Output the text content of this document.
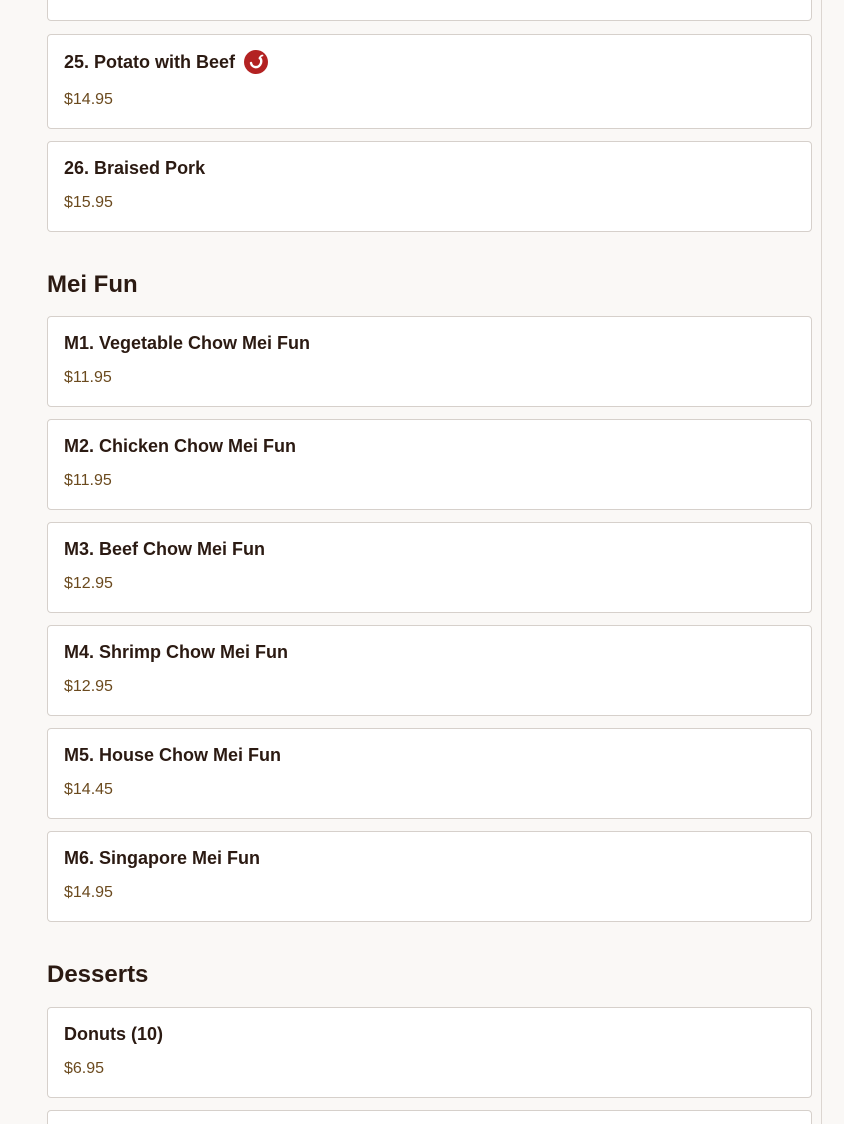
25. Potato with Beef
$14.95
26. Braised Pork
$15.95
Mei Fun
M1. Vegetable Chow Mei Fun
$11.95
M2. Chicken Chow Mei Fun
$11.95
M3. Beef Chow Mei Fun
$12.95
M4. Shrimp Chow Mei Fun
$12.95
M5. House Chow Mei Fun
$14.45
M6. Singapore Mei Fun
$14.95
Desserts
Donuts (10)
$6.95
